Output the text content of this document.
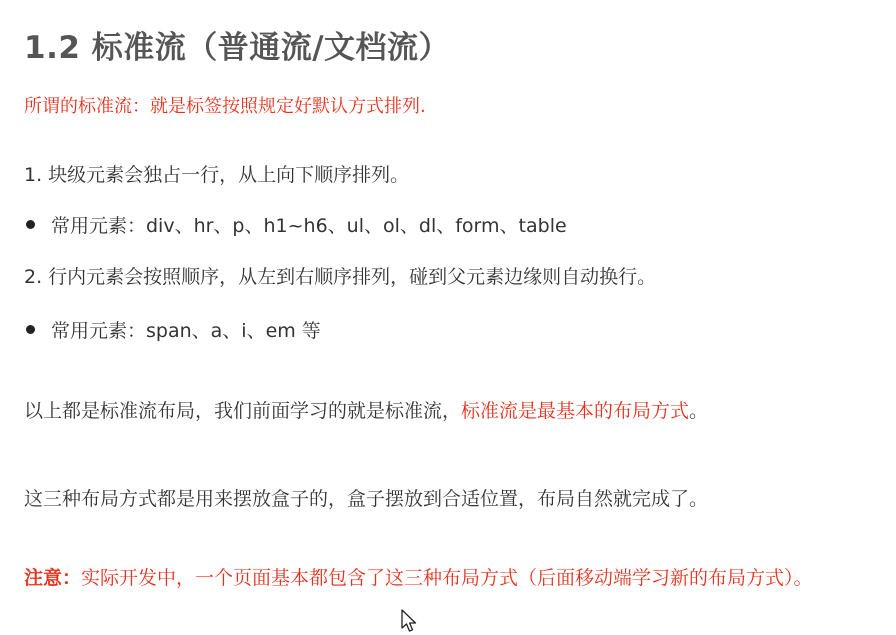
1.2 标准流（普通流/文档流）

所谓的标准流：就是标签按照规定好默认方式排列.

1. 块级元素会独占一行，从上向下顺序排列。

常用元素：div、hr、p、h1~h6、ul、ol、dl、form、table

2. 行内元素会按照顺序，从左到右顺序排列，碰到父元素边缘则自动换行。

常用元素：span、a、i、em 等

以上都是标准流布局，我们前面学习的就是标准流，标准流是最基本的布局方式。

这三种布局方式都是用来摆放盒子的，盒子摆放到合适位置，布局自然就完成了。

注意：实际开发中，一个页面基本都包含了这三种布局方式（后面移动端学习新的布局方式）。
